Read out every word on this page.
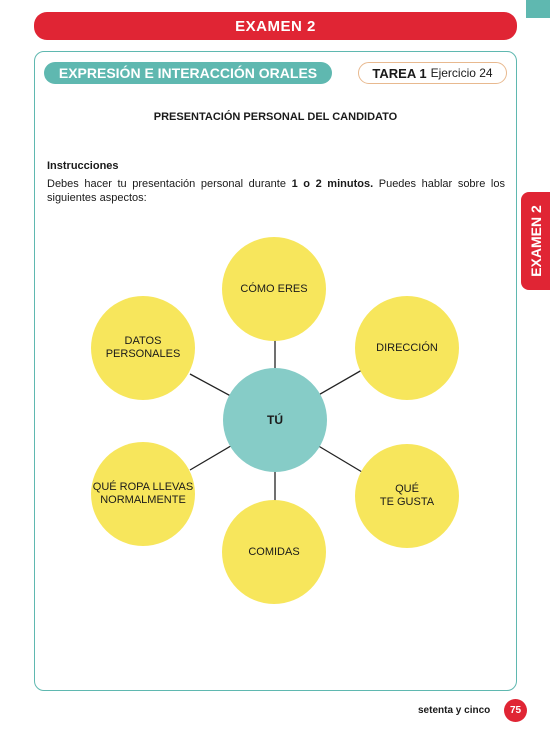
EXAMEN 2
EXPRESIÓN E INTERACCIÓN ORALES	TAREA 1 Ejercicio 24
PRESENTACIÓN PERSONAL DEL CANDIDATO
Instrucciones
Debes hacer tu presentación personal durante 1 o 2 minutos. Puedes hablar sobre los siguientes aspectos:
EXAMEN 2
CÓMO ERES
DIRECCIÓN
QUÉ
TE GUSTA
COMIDAS
QUÉ ROPA LLEVAS
NORMALMENTE
DATOS
PERSONALES
TÚ
setenta y cinco	75
